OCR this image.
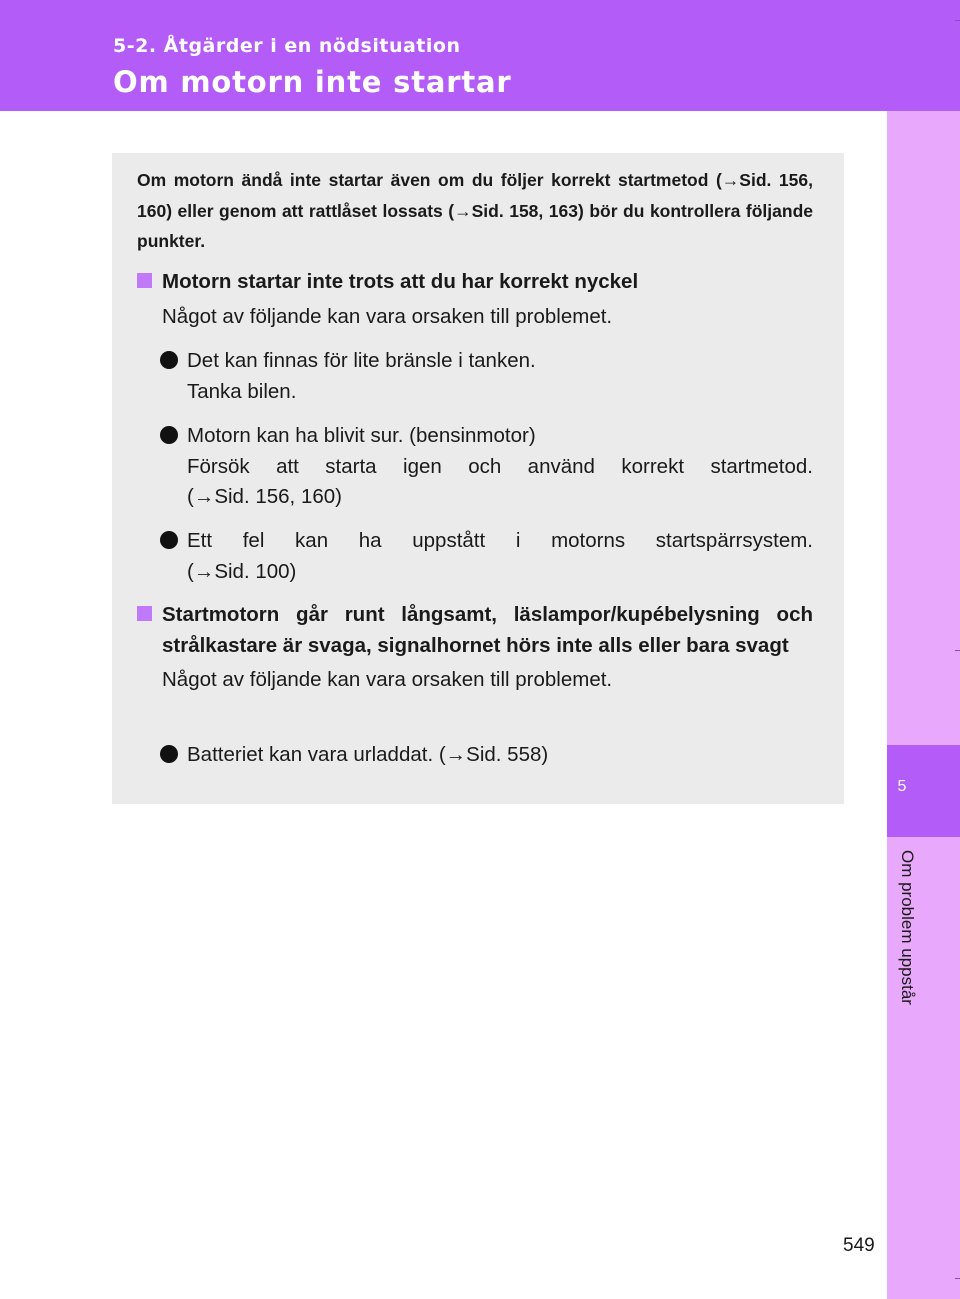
5-2. Åtgärder i en nödsituation
Om motorn inte startar
5
Om problem uppstår
Om motorn ändå inte startar även om du följer korrekt startmetod (→Sid. 156, 160) eller genom att rattlåset lossats (→Sid. 158, 163) bör du kontrollera följande punkter.
Motorn startar inte trots att du har korrekt nyckel
Något av följande kan vara orsaken till problemet.
Det kan finnas för lite bränsle i tanken.
Tanka bilen.
Motorn kan ha blivit sur. (bensinmotor)
Försök att starta igen och använd korrekt startmetod.
(→Sid. 156, 160)
Ett fel kan ha uppstått i motorns startspärrsystem.
(→Sid. 100)
Startmotorn går runt långsamt, läslampor/kupébelysning och strålkastare är svaga, signalhornet hörs inte alls eller bara svagt
Något av följande kan vara orsaken till problemet.
Batteriet kan vara urladdat. (→Sid. 558)
549
